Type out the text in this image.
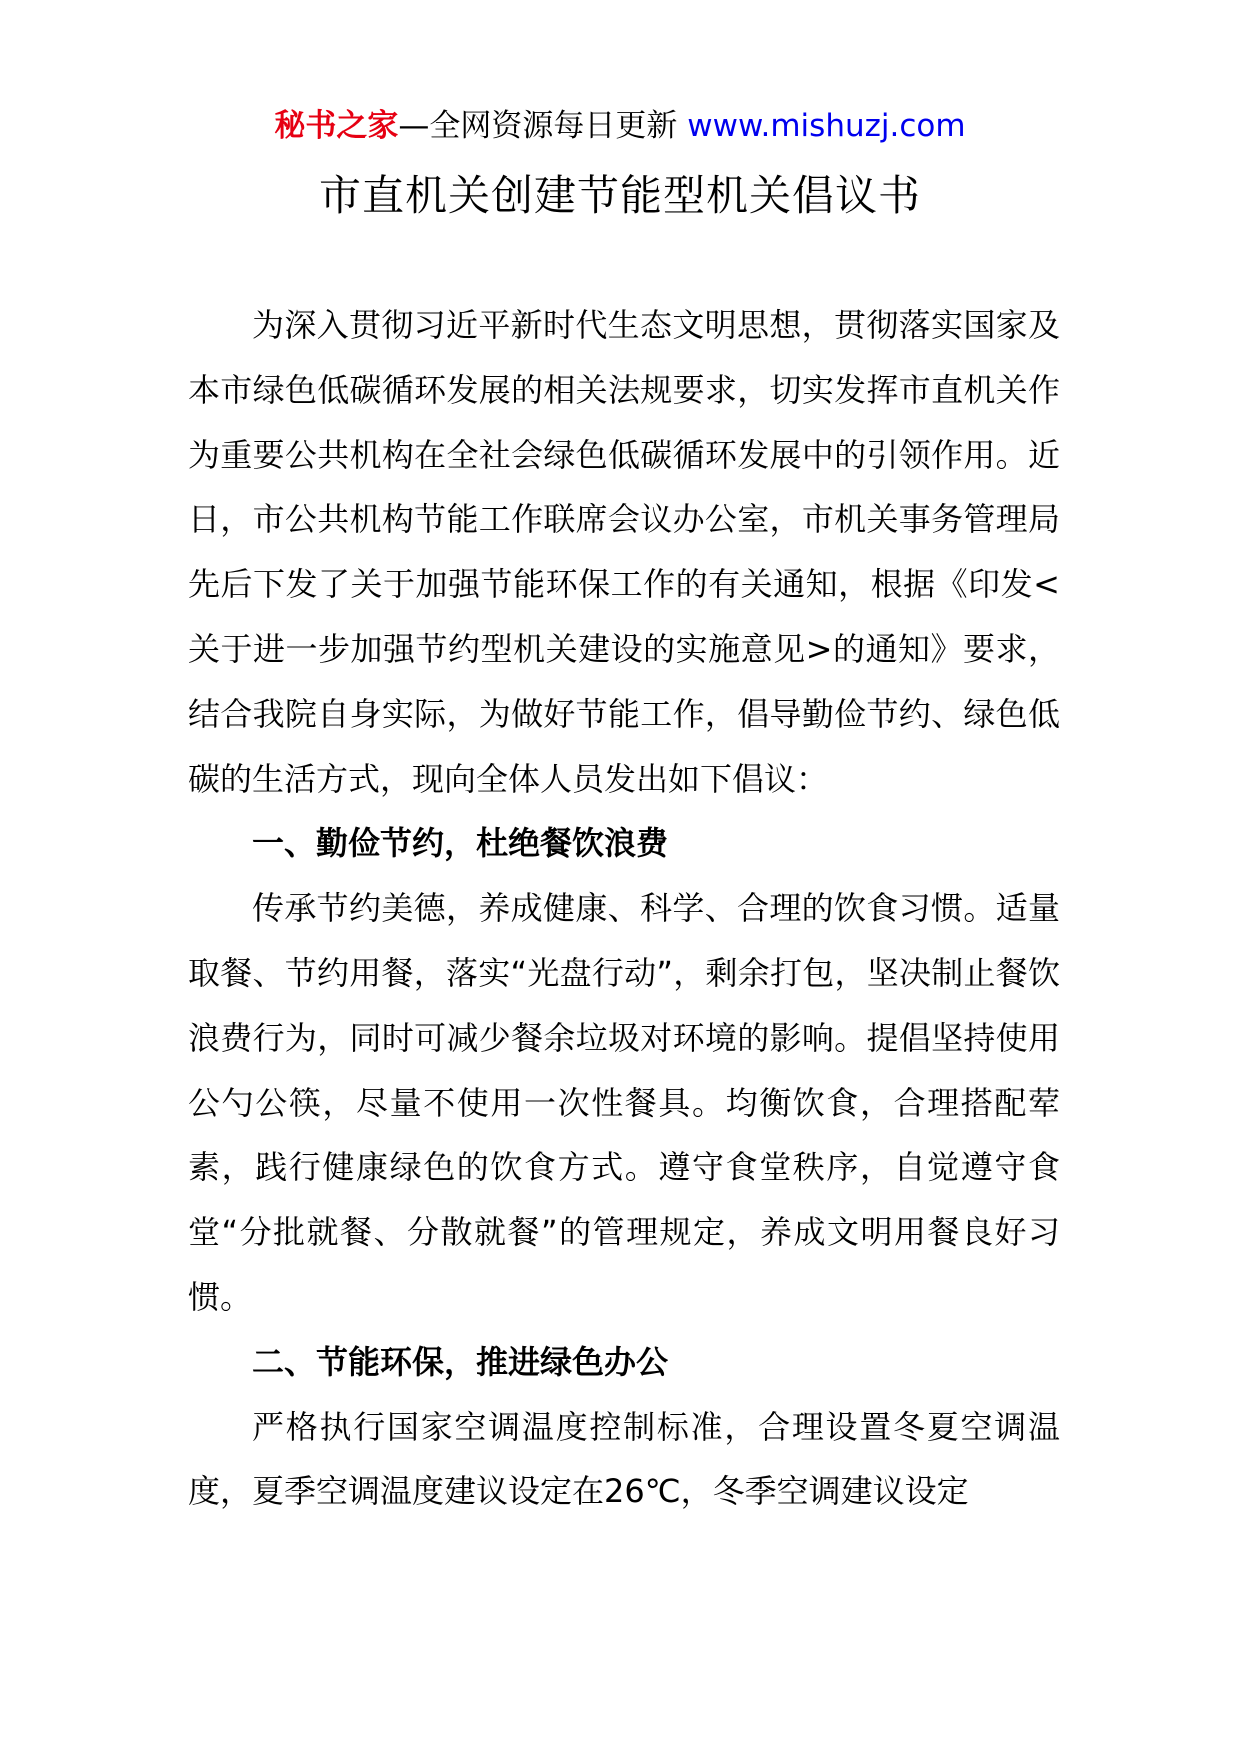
秘书之家—全网资源每日更新 www.mishuzj.com
市直机关创建节能型机关倡议书

为深入贯彻习近平新时代生态文明思想，贯彻落实国家及本市绿色低碳循环发展的相关法规要求，切实发挥市直机关作为重要公共机构在全社会绿色低碳循环发展中的引领作用。近日，市公共机构节能工作联席会议办公室，市机关事务管理局先后下发了关于加强节能环保工作的有关通知，根据《印发<关于进一步加强节约型机关建设的实施意见>的通知》要求，结合我院自身实际，为做好节能工作，倡导勤俭节约、绿色低碳的生活方式，现向全体人员发出如下倡议：

一、勤俭节约，杜绝餐饮浪费

传承节约美德，养成健康、科学、合理的饮食习惯。适量取餐、节约用餐，落实“光盘行动”，剩余打包，坚决制止餐饮浪费行为，同时可减少餐余垃圾对环境的影响。提倡坚持使用公勺公筷，尽量不使用一次性餐具。均衡饮食，合理搭配荤素，践行健康绿色的饮食方式。遵守食堂秩序，自觉遵守食堂“分批就餐、分散就餐”的管理规定，养成文明用餐良好习惯。

二、节能环保，推进绿色办公

严格执行国家空调温度控制标准，合理设置冬夏空调温度，夏季空调温度建议设定在26℃，冬季空调建议设定
